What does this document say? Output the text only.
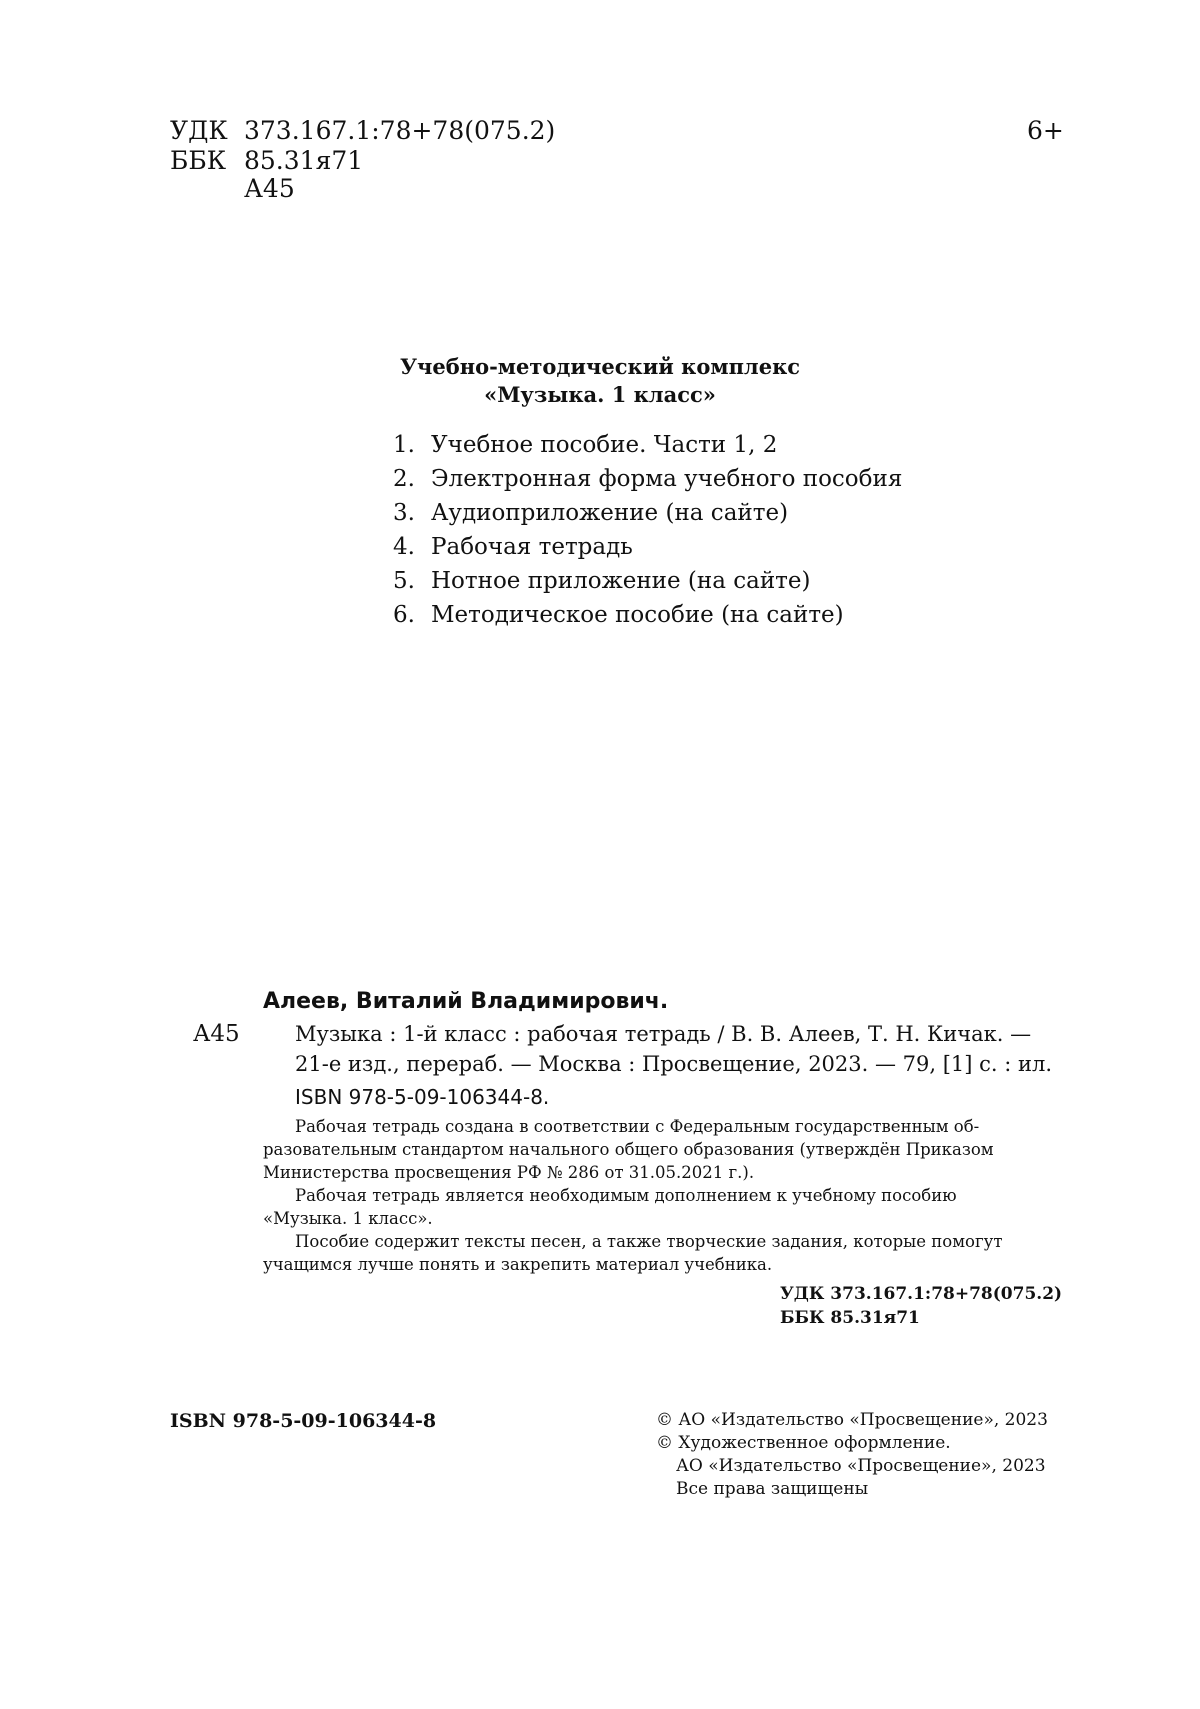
УДК 373.167.1:78+78(075.2)
ББК 85.31я71
А45
6+
Учебно-методический комплекс
«Музыка. 1 класс»
1. Учебное пособие. Части 1, 2
2. Электронная форма учебного пособия
3. Аудиоприложение (на сайте)
4. Рабочая тетрадь
5. Нотное приложение (на сайте)
6. Методическое пособие (на сайте)
Алеев, Виталий Владимирович.
А45	Музыка : 1-й класс : рабочая тетрадь / В. В. Алеев, Т. Н. Кичак. —
21-е изд., перераб. — Москва : Просвещение, 2023. — 79, [1] с. : ил.
ISBN 978-5-09-106344-8.

Рабочая тетрадь создана в соответствии с Федеральным государственным об-

разовательным стандартом начального общего образования (утверждён Приказом

Министерства просвещения РФ № 286 от 31.05.2021 г.).

Рабочая тетрадь является необходимым дополнением к учебному пособию

«Музыка. 1 класс».

Пособие содержит тексты песен, а также творческие задания, которые помогут

учащимся лучше понять и закрепить материал учебника.

УДК 373.167.1:78+78(075.2)
ББК 85.31я71
ISBN 978-5-09-106344-8	© АО «Издательство «Просвещение», 2023

© Художественное оформление.

АО «Издательство «Просвещение», 2023

Все права защищены
